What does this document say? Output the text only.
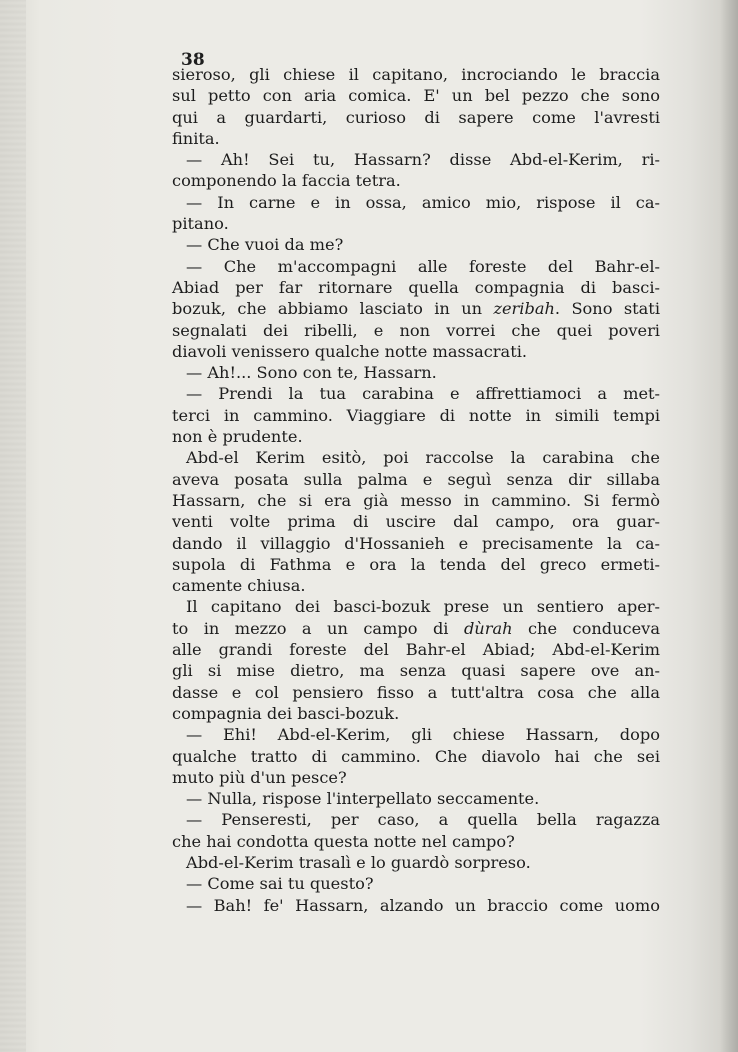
38
sieroso, gli chiese il capitano, incrociando le braccia
sul petto con aria comica. E' un bel pezzo che sono
qui a guardarti, curioso di sapere come l'avresti
finita.
— Ah! Sei tu, Hassarn? disse Abd-el-Kerim, ri-
componendo la faccia tetra.
— In carne e in ossa, amico mio, rispose il ca-
pitano.
— Che vuoi da me?
— Che m'accompagni alle foreste del Bahr-el-
Abiad per far ritornare quella compagnia di basci-
bozuk, che abbiamo lasciato in un zeribah. Sono stati
segnalati dei ribelli, e non vorrei che quei poveri
diavoli venissero qualche notte massacrati.
— Ah!... Sono con te, Hassarn.
— Prendi la tua carabina e affrettiamoci a met-
terci in cammino. Viaggiare di notte in simili tempi
non è prudente.
Abd-el Kerim esitò, poi raccolse la carabina che
aveva posata sulla palma e seguì senza dir sillaba
Hassarn, che si era già messo in cammino. Si fermò
venti volte prima di uscire dal campo, ora guar-
dando il villaggio d'Hossanieh e precisamente la ca-
supola di Fathma e ora la tenda del greco ermeti-
camente chiusa.
Il capitano dei basci-bozuk prese un sentiero aper-
to in mezzo a un campo di dùrah che conduceva
alle grandi foreste del Bahr-el Abiad; Abd-el-Kerim
gli si mise dietro, ma senza quasi sapere ove an-
dasse e col pensiero fisso a tutt'altra cosa che alla
compagnia dei basci-bozuk.
— Ehi! Abd-el-Kerim, gli chiese Hassarn, dopo
qualche tratto di cammino. Che diavolo hai che sei
muto più d'un pesce?
— Nulla, rispose l'interpellato seccamente.
— Penseresti, per caso, a quella bella ragazza
che hai condotta questa notte nel campo?
Abd-el-Kerim trasalì e lo guardò sorpreso.
— Come sai tu questo?
— Bah! fe' Hassarn, alzando un braccio come uomo
